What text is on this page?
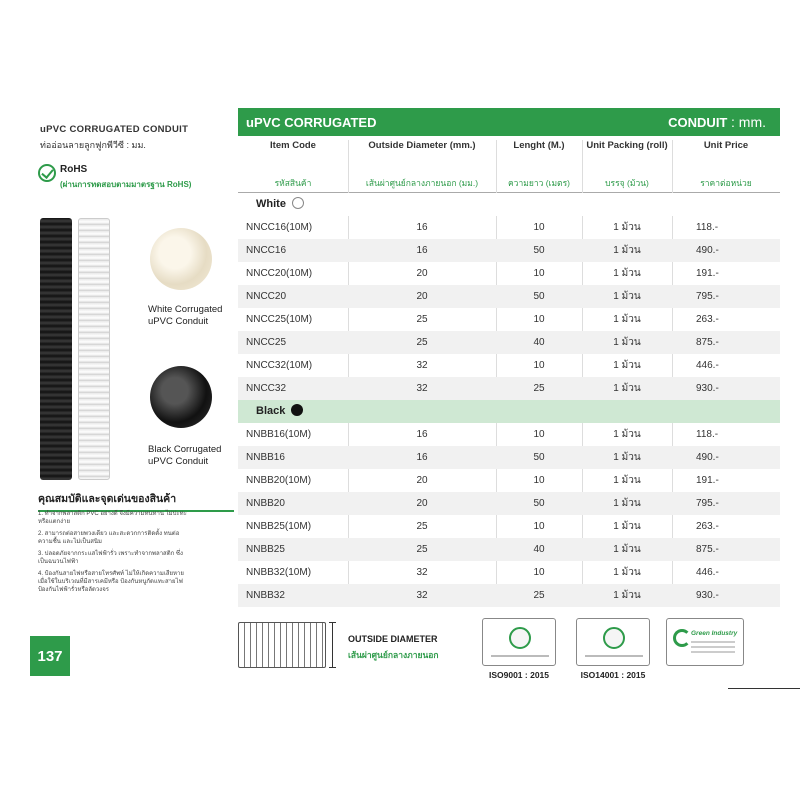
uPVC CORRUGATED CONDUIT
ท่ออ่อนลายลูกฟูกพีวีซี : มม.
RoHS
(ผ่านการทดสอบตามมาตรฐาน RoHS)
White Corrugated
uPVC Conduit
Black Corrugated
uPVC Conduit
คุณสมบัติและจุดเด่นของสินค้า
1. ทำจากพลาสติก PVC อย่างดี จึงมีความทนทาน ไม่ปะทะหรือแตกง่าย
2. สามารถต่อสายพวงเดียว และสะดวกการติดตั้ง ทนต่อความชื้น และไม่เป็นสนิม
3. ปลอดภัยจากกระแสไฟฟ้ารั่ว เพราะทำจากพลาสติก ซึ่งเป็นฉนวนไฟฟ้า
4. ป้องกันสายไฟหรือสายโทรศัพท์ ไม่ให้เกิดความเสียหายเมื่อใช้ในบริเวณที่มีสารเคมีหรือ ป้องกันหนูกัดแทะสายไฟ ป้องกันไฟฟ้ารั่วหรือลัดวงจร
137
uPVC CORRUGATED	CONDUIT : mm.
Item Code
รหัสสินค้า
Outside Diameter (mm.)
เส้นผ่าศูนย์กลางภายนอก (มม.)
Lenght (M.)
ความยาว (เมตร)
Unit Packing (roll)
บรรจุ (ม้วน)
Unit Price
ราคาต่อหน่วย
White
NNCC16(10M)	16	10	1 ม้วน	118.-
NNCC16	16	50	1 ม้วน	490.-
NNCC20(10M)	20	10	1 ม้วน	191.-
NNCC20	20	50	1 ม้วน	795.-
NNCC25(10M)	25	10	1 ม้วน	263.-
NNCC25	25	40	1 ม้วน	875.-
NNCC32(10M)	32	10	1 ม้วน	446.-
NNCC32	32	25	1 ม้วน	930.-
Black
NNBB16(10M)	16	10	1 ม้วน	118.-
NNBB16	16	50	1 ม้วน	490.-
NNBB20(10M)	20	10	1 ม้วน	191.-
NNBB20	20	50	1 ม้วน	795.-
NNBB25(10M)	25	10	1 ม้วน	263.-
NNBB25	25	40	1 ม้วน	875.-
NNBB32(10M)	32	10	1 ม้วน	446.-
NNBB32	32	25	1 ม้วน	930.-
OUTSIDE DIAMETER
เส้นผ่าศูนย์กลางภายนอก
ISO9001 : 2015	ISO14001 : 2015
Green Industry
